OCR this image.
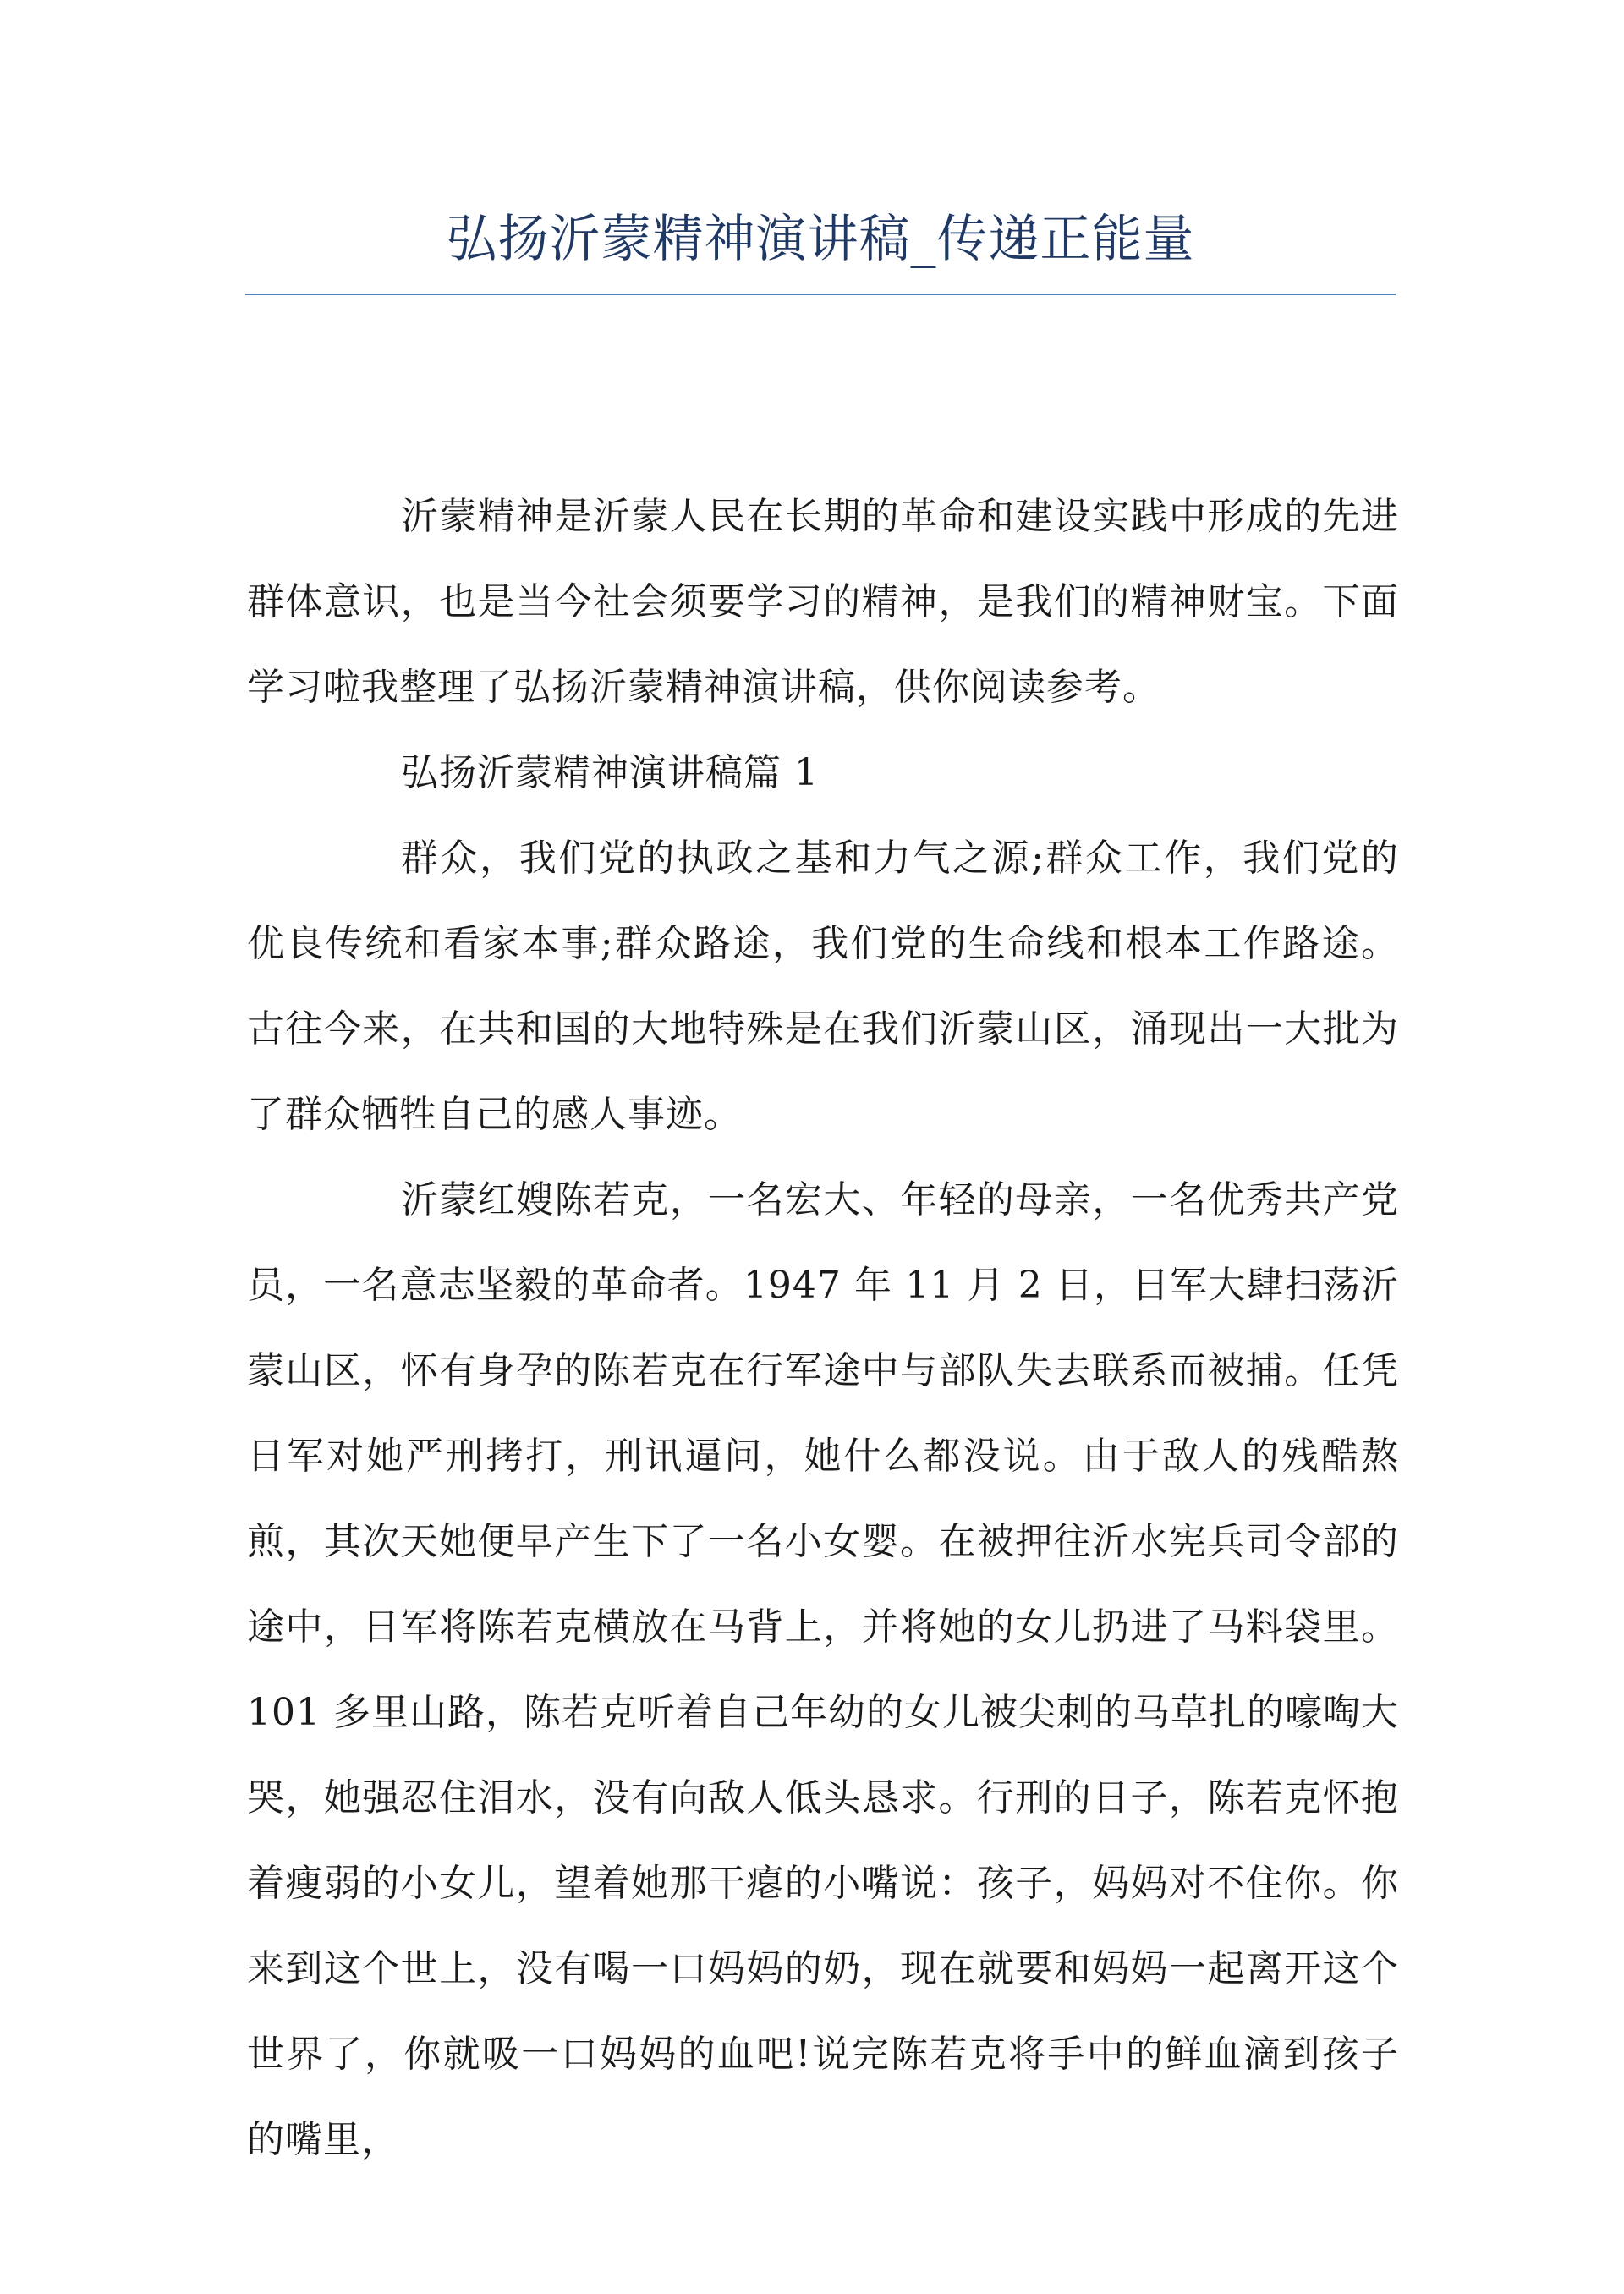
弘扬沂蒙精神演讲稿_传递正能量

沂蒙精神是沂蒙人民在长期的革命和建设实践中形成的先进群体意识，也是当今社会须要学习的精神，是我们的精神财宝。下面学习啦我整理了弘扬沂蒙精神演讲稿，供你阅读参考。

弘扬沂蒙精神演讲稿篇 1

群众，我们党的执政之基和力气之源;群众工作，我们党的优良传统和看家本事;群众路途，我们党的生命线和根本工作路途。古往今来，在共和国的大地特殊是在我们沂蒙山区，涌现出一大批为了群众牺牲自己的感人事迹。

沂蒙红嫂陈若克，一名宏大、年轻的母亲，一名优秀共产党员，一名意志坚毅的革命者。1947 年 11 月 2 日，日军大肆扫荡沂蒙山区，怀有身孕的陈若克在行军途中与部队失去联系而被捕。任凭日军对她严刑拷打，刑讯逼问，她什么都没说。由于敌人的残酷熬煎，其次天她便早产生下了一名小女婴。在被押往沂水宪兵司令部的途中，日军将陈若克横放在马背上，并将她的女儿扔进了马料袋里。101 多里山路，陈若克听着自己年幼的女儿被尖刺的马草扎的嚎啕大哭，她强忍住泪水，没有向敌人低头恳求。行刑的日子，陈若克怀抱着瘦弱的小女儿，望着她那干瘪的小嘴说：孩子，妈妈对不住你。你来到这个世上，没有喝一口妈妈的奶，现在就要和妈妈一起离开这个世界了，你就吸一口妈妈的血吧!说完陈若克将手中的鲜血滴到孩子的嘴里，
